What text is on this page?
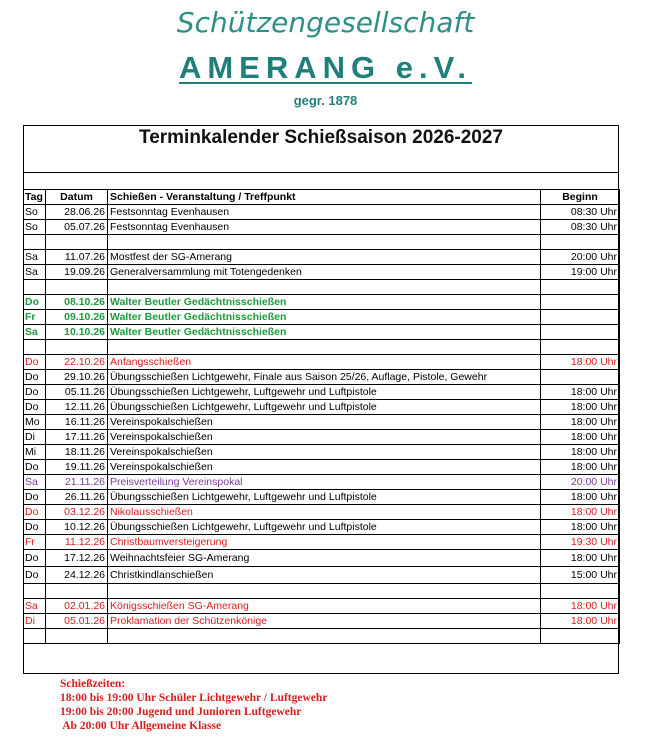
Schützengesellschaft
AMERANG e.V.
gegr. 1878
Terminkalender Schießsaison 2026-2027
Tag	Datum	Schießen - Veranstaltung / Treffpunkt	Beginn
So	28.06.26	Festsonntag Evenhausen	08:30 Uhr
So	05.07.26	Festsonntag Evenhausen	08:30 Uhr

Sa	11.07.26	Mostfest der SG-Amerang	20:00 Uhr
Sa	19.09.26	Generalversammlung mit Totengedenken	19:00 Uhr

Do	08.10.26	Walter Beutler Gedächtnisschießen	
Fr	09.10.26	Walter Beutler Gedächtnisschießen	
Sa	10.10.26	Walter Beutler Gedächtnisschießen	

Do	22.10.26	Anfangsschießen	18:00 Uhr
Do	29.10.26	Übungsschießen Lichtgewehr, Finale aus Saison 25/26, Auflage, Pistole, Gewehr	
Do	05.11.26	Übungsschießen Lichtgewehr, Luftgewehr und Luftpistole	18:00 Uhr
Do	12.11.26	Übungsschießen Lichtgewehr, Luftgewehr und Luftpistole	18:00 Uhr
Mo	16.11.26	Vereinspokalschießen	18:00 Uhr
Di	17.11.26	Vereinspokalschießen	18:00 Uhr
Mi	18.11.26	Vereinspokalschießen	18:00 Uhr
Do	19.11.26	Vereinspokalschießen	18:00 Uhr
Sa	21.11.26	Preisverteilung Vereinspokal	20:00 Uhr
Do	26.11.26	Übungsschießen Lichtgewehr, Luftgewehr und Luftpistole	18:00 Uhr
Do	03.12.26	Nikolausschießen	18:00 Uhr
Do	10.12.26	Übungsschießen Lichtgewehr, Luftgewehr und Luftpistole	18:00 Uhr
Fr	11.12.26	Christbaumversteigerung	19:30 Uhr
Do	17.12.26	Weihnachtsfeier SG-Amerang	18:00 Uhr
Do	24.12.26	Christkindlanschießen	15:00 Uhr

Sa	02.01.26	Königsschießen SG-Amerang	18:00 Uhr
Di	05.01.26	Proklamation der Schützenkönige	18:00 Uhr

Schießzeiten:
18:00 bis 19:00 Uhr Schüler Lichtgewehr / Luftgewehr
19:00 bis 20:00 Jugend und Junioren Luftgewehr
Ab 20:00 Uhr Allgemeine Klasse
